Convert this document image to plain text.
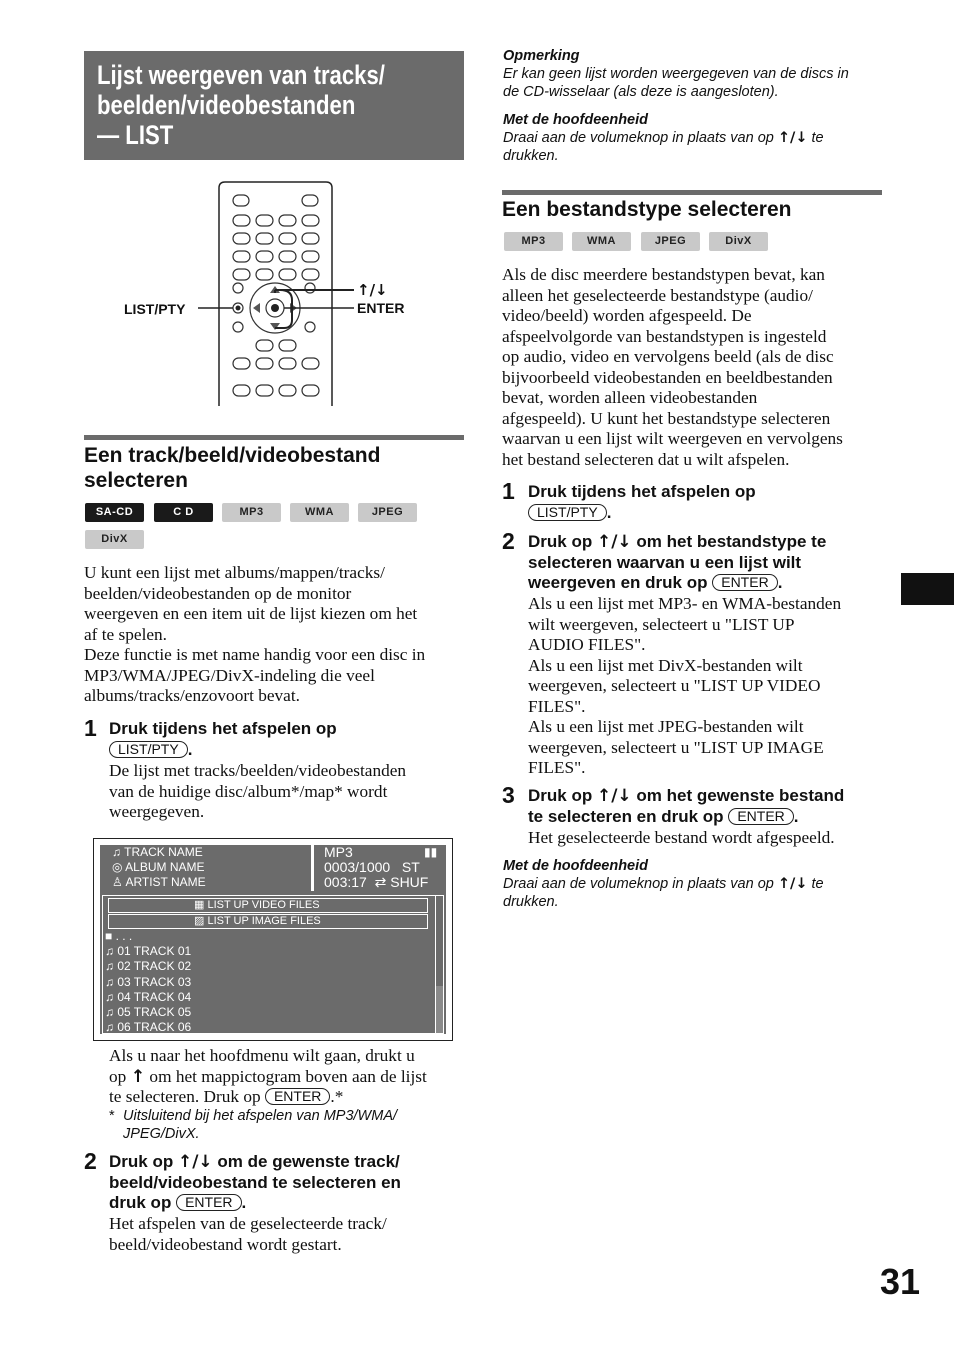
Lijst weergeven van tracks/
beelden/videobestanden
— LIST
LIST/PTY
↑/↓
ENTER
Een track/beeld/videobestand
selecteren
SA-CD	C D	MP3	WMA	JPEG
DivX
U kunt een lijst met albums/mappen/tracks/
beelden/videobestanden op de monitor
weergeven en een item uit de lijst kiezen om het
af te spelen.
Deze functie is met name handig voor een disc in
MP3/WMA/JPEG/DivX-indeling die veel
albums/tracks/enzovoort bevat.
1 Druk tijdens het afspelen op
LIST/PTY .
De lijst met tracks/beelden/videobestanden
van de huidige disc/album*/map* wordt
weergegeven.
♫ TRACK NAME
◎ ALBUM NAME
♙ ARTIST NAME
MP3	▮▮
0003/1000 ST
003:17 ⇄ SHUF
▦ LIST UP VIDEO FILES
▨ LIST UP IMAGE FILES
■ . . .
♫ 01 TRACK 01
♫ 02 TRACK 02
♫ 03 TRACK 03
♫ 04 TRACK 04
♫ 05 TRACK 05
♫ 06 TRACK 06
Als u naar het hoofdmenu wilt gaan, drukt u
op ↑ om het mappictogram boven aan de lijst
te selecteren. Druk op ENTER .*
* Uitsluitend bij het afspelen van MP3/WMA/
JPEG/DivX.
2 Druk op ↑/↓ om de gewenste track/
beeld/videobestand te selecteren en
druk op ENTER .
Het afspelen van de geselecteerde track/
beeld/videobestand wordt gestart.
Opmerking
Er kan geen lijst worden weergegeven van de discs in
de CD-wisselaar (als deze is aangesloten).
Met de hoofdeenheid
Draai aan de volumeknop in plaats van op ↑/↓ te
drukken.
Een bestandstype selecteren
MP3	WMA	JPEG	DivX
Als de disc meerdere bestandstypen bevat, kan
alleen het geselecteerde bestandstype (audio/
video/beeld) worden afgespeeld. De
afspeelvolgorde van bestandstypen is ingesteld
op audio, video en vervolgens beeld (als de disc
bijvoorbeeld videobestanden en beeldbestanden
bevat, worden alleen videobestanden
afgespeeld). U kunt het bestandstype selecteren
waarvan u een lijst wilt weergeven en vervolgens
het bestand selecteren dat u wilt afspelen.
1 Druk tijdens het afspelen op
LIST/PTY .
2 Druk op ↑/↓ om het bestandstype te
selecteren waarvan u een lijst wilt
weergeven en druk op ENTER .
Als u een lijst met MP3- en WMA-bestanden
wilt weergeven, selecteert u "LIST UP
AUDIO FILES".
Als u een lijst met DivX-bestanden wilt
weergeven, selecteert u "LIST UP VIDEO
FILES".
Als u een lijst met JPEG-bestanden wilt
weergeven, selecteert u "LIST UP IMAGE
FILES".
3 Druk op ↑/↓ om het gewenste bestand
te selecteren en druk op ENTER .
Het geselecteerde bestand wordt afgespeeld.
Met de hoofdeenheid
Draai aan de volumeknop in plaats van op ↑/↓ te
drukken.
31
